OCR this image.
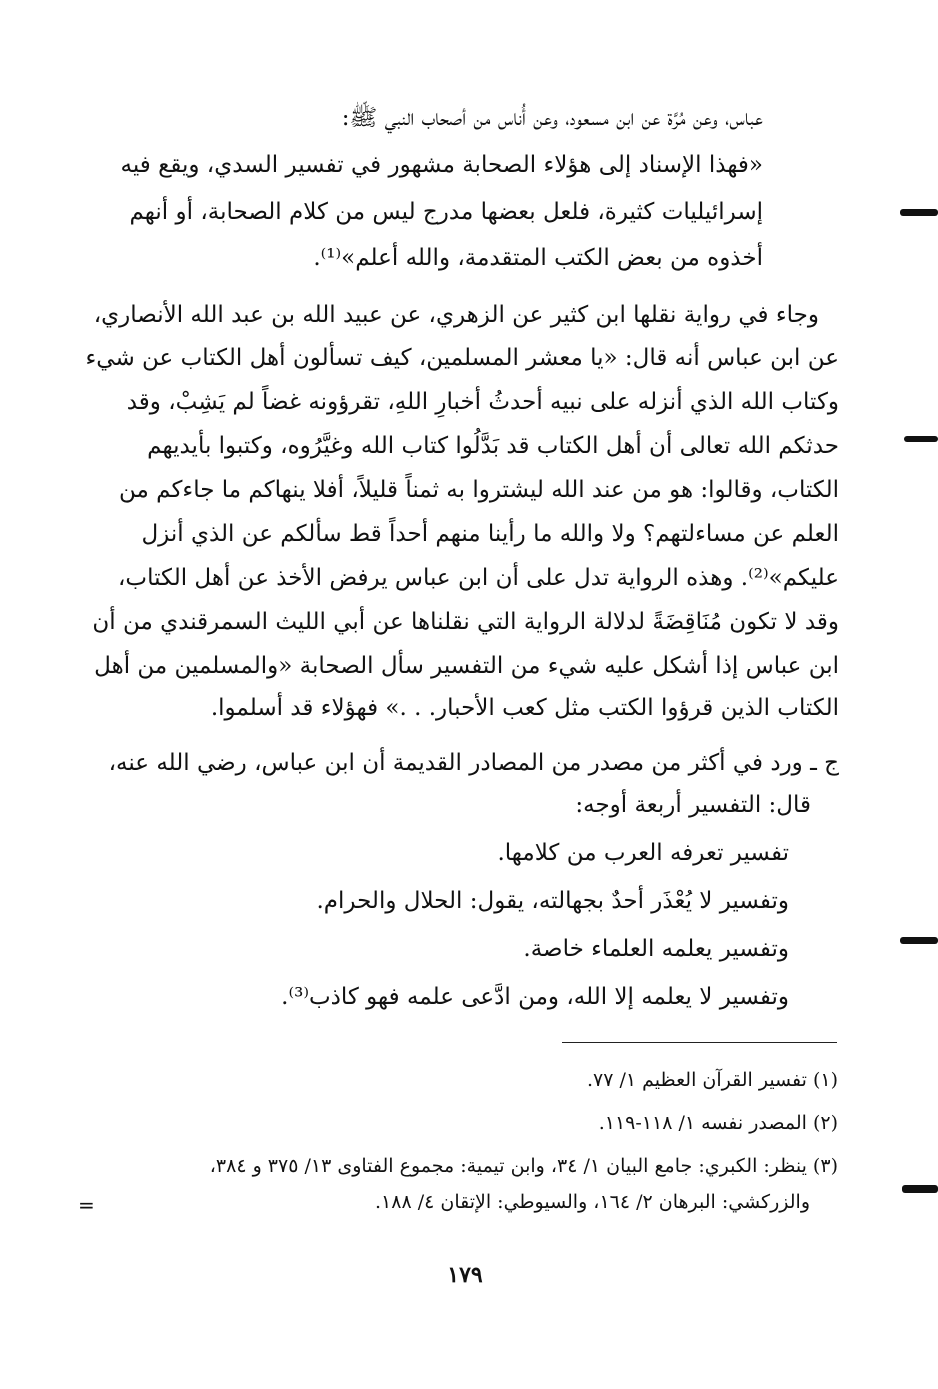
عباس، وعن مُرَّة عن ابن مسعود، وعن أُناس من أصحاب النبي ﷺ:
«فهذا الإسناد إلى هؤلاء الصحابة مشهور في تفسير السدي، ويقع فيه
إسرائيليات كثيرة، فلعل بعضها مدرج ليس من كلام الصحابة، أو أنهم
أخذوه من بعض الكتب المتقدمة، والله أعلم»⁽¹⁾.
وجاء في رواية نقلها ابن كثير عن الزهري، عن عبيد الله بن عبد الله الأنصاري،
عن ابن عباس أنه قال: «يا معشر المسلمين، كيف تسألون أهل الكتاب عن شيء
وكتاب الله الذي أنزله على نبيه أحدثُ أخبارِ اللهِ، تقرؤونه غضاً لم يَشِبْ، وقد
حدثكم الله تعالى أن أهل الكتاب قد بَدَّلُوا كتاب الله وغيَّرُوه، وكتبوا بأيديهم
الكتاب، وقالوا: هو من عند الله ليشتروا به ثمناً قليلاً، أفلا ينهاكم ما جاءكم من
العلم عن مساءلتهم؟ ولا والله ما رأينا منهم أحداً قط سألكم عن الذي أنزل
عليكم»⁽²⁾. وهذه الرواية تدل على أن ابن عباس يرفض الأخذ عن أهل الكتاب،
وقد لا تكون مُنَاقِضَةً لدلالة الرواية التي نقلناها عن أبي الليث السمرقندي من أن
ابن عباس إذا أشكل عليه شيء من التفسير سأل الصحابة «والمسلمين من أهل
الكتاب الذين قرؤوا الكتب مثل كعب الأحبار. . .» فهؤلاء قد أسلموا.
ج ـ ورد في أكثر من مصدر من المصادر القديمة أن ابن عباس، رضي الله عنه،
قال: التفسير أربعة أوجه:
تفسير تعرفه العرب من كلامها.
وتفسير لا يُعْذَر أحدٌ بجهالته، يقول: الحلال والحرام.
وتفسير يعلمه العلماء خاصة.
وتفسير لا يعلمه إلا الله، ومن ادَّعى علمه فهو كاذب⁽³⁾.
(١) تفسير القرآن العظيم ١/ ٧٧.
(٢) المصدر نفسه ١/ ١١٨-١١٩.
(٣) ينظر: الكبري: جامع البيان ١/ ٣٤، وابن تيمية: مجموع الفتاوى ١٣/ ٣٧٥ و ٣٨٤،
والزركشي: البرهان ٢/ ١٦٤، والسيوطي: الإتقان ٤/ ١٨٨.
١٧٩
=
